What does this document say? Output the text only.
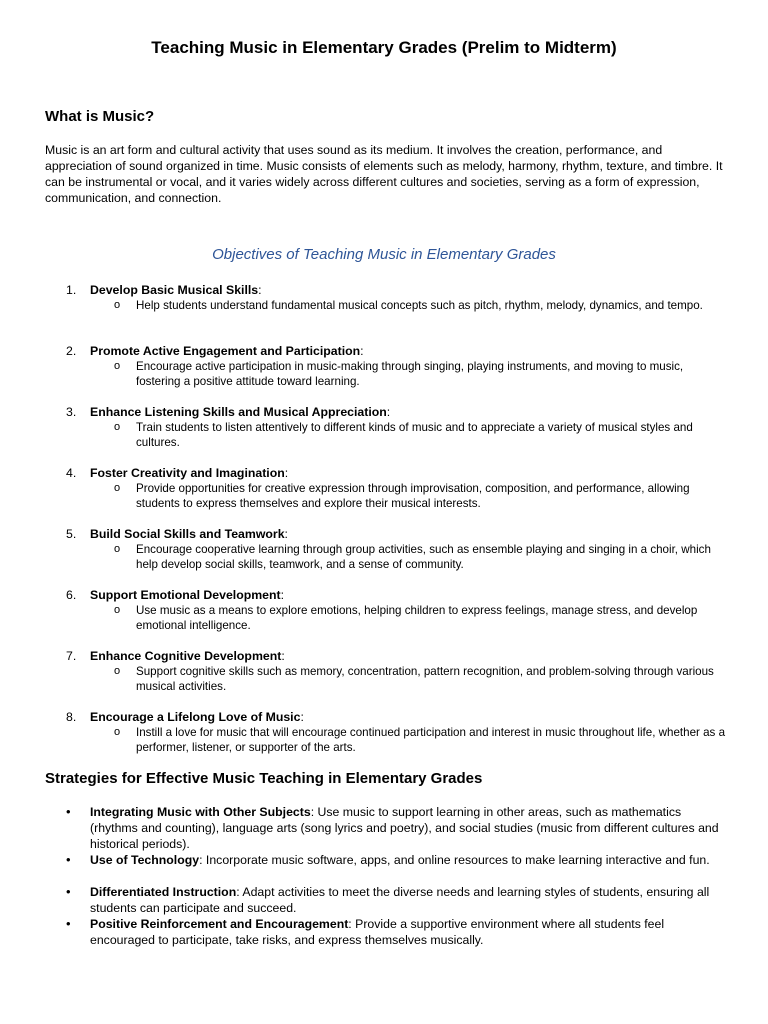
Teaching Music in Elementary Grades (Prelim to Midterm)
What is Music?

Music is an art form and cultural activity that uses sound as its medium. It involves the creation, performance, and appreciation of sound organized in time. Music consists of elements such as melody, harmony, rhythm, texture, and timbre. It can be instrumental or vocal, and it varies widely across different cultures and societies, serving as a form of expression, communication, and connection.

Objectives of Teaching Music in Elementary Grades
1. Develop Basic Musical Skills:
o Help students understand fundamental musical concepts such as pitch, rhythm, melody, dynamics, and tempo.

2. Promote Active Engagement and Participation:
o Encourage active participation in music-making through singing, playing instruments, and moving to music, fostering a positive attitude toward learning.

3. Enhance Listening Skills and Musical Appreciation:
o Train students to listen attentively to different kinds of music and to appreciate a variety of musical styles and cultures.

4. Foster Creativity and Imagination:
o Provide opportunities for creative expression through improvisation, composition, and performance, allowing students to express themselves and explore their musical interests.

5. Build Social Skills and Teamwork:
o Encourage cooperative learning through group activities, such as ensemble playing and singing in a choir, which help develop social skills, teamwork, and a sense of community.

6. Support Emotional Development:
o Use music as a means to explore emotions, helping children to express feelings, manage stress, and develop emotional intelligence.

7. Enhance Cognitive Development:
o Support cognitive skills such as memory, concentration, pattern recognition, and problem-solving through various musical activities.

8. Encourage a Lifelong Love of Music:
o Instill a love for music that will encourage continued participation and interest in music throughout life, whether as a performer, listener, or supporter of the arts.

Strategies for Effective Music Teaching in Elementary Grades
• Integrating Music with Other Subjects: Use music to support learning in other areas, such as mathematics (rhythms and counting), language arts (song lyrics and poetry), and social studies (music from different cultures and historical periods).

• Use of Technology: Incorporate music software, apps, and online resources to make learning interactive and fun.

• Differentiated Instruction: Adapt activities to meet the diverse needs and learning styles of students, ensuring all students can participate and succeed.

• Positive Reinforcement and Encouragement: Provide a supportive environment where all students feel encouraged to participate, take risks, and express themselves musically.
